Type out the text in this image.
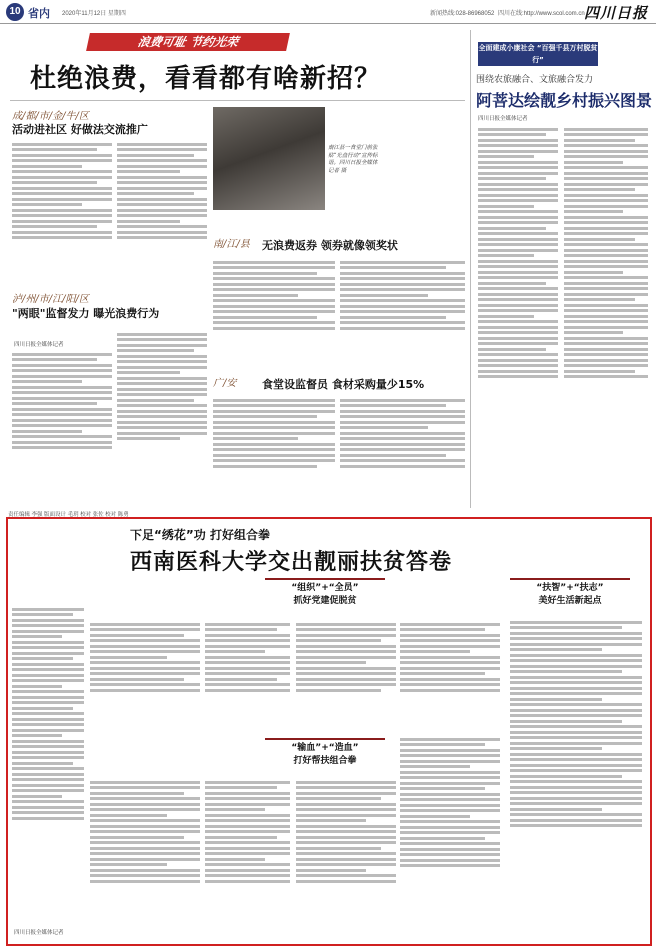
10 省内 2020年11月12日 星期四	新闻热线:028-86968052 四川在线:http://www.scol.com.cn 四川日报
浪费可耻 节约光荣
杜绝浪费，看看都有啥新招？
成/都/市/金/牛/区
活动进社区 好做法交流推广
南江县一食堂门前张贴“光盘行动”宣传标语。四川日报全媒体记者 摄
泸/州/市/江/阳/区
"两眼"监督发力 曝光浪费行为
四川日报全媒体记者
南/江/县 无浪费返券 领券就像领奖状
广/安 食堂设监督员 食材采购量少15%
全面建成小康社会 “百强千县万村脱贫行”
围绕农旅融合、文旅融合发力
阿菩达绘靓乡村振兴图景
四川日报全媒体记者
责任编辑 李强 版面设计 毛玥 校对 张佐 校对 陈勇
下足“绣花”功 打好组合拳
西南医科大学交出靓丽扶贫答卷
“组织”+“全员”
抓好党建促脱贫
“扶智”+“扶志”
美好生活新起点
“输血”+“造血”
打好帮扶组合拳
四川日报全媒体记者
